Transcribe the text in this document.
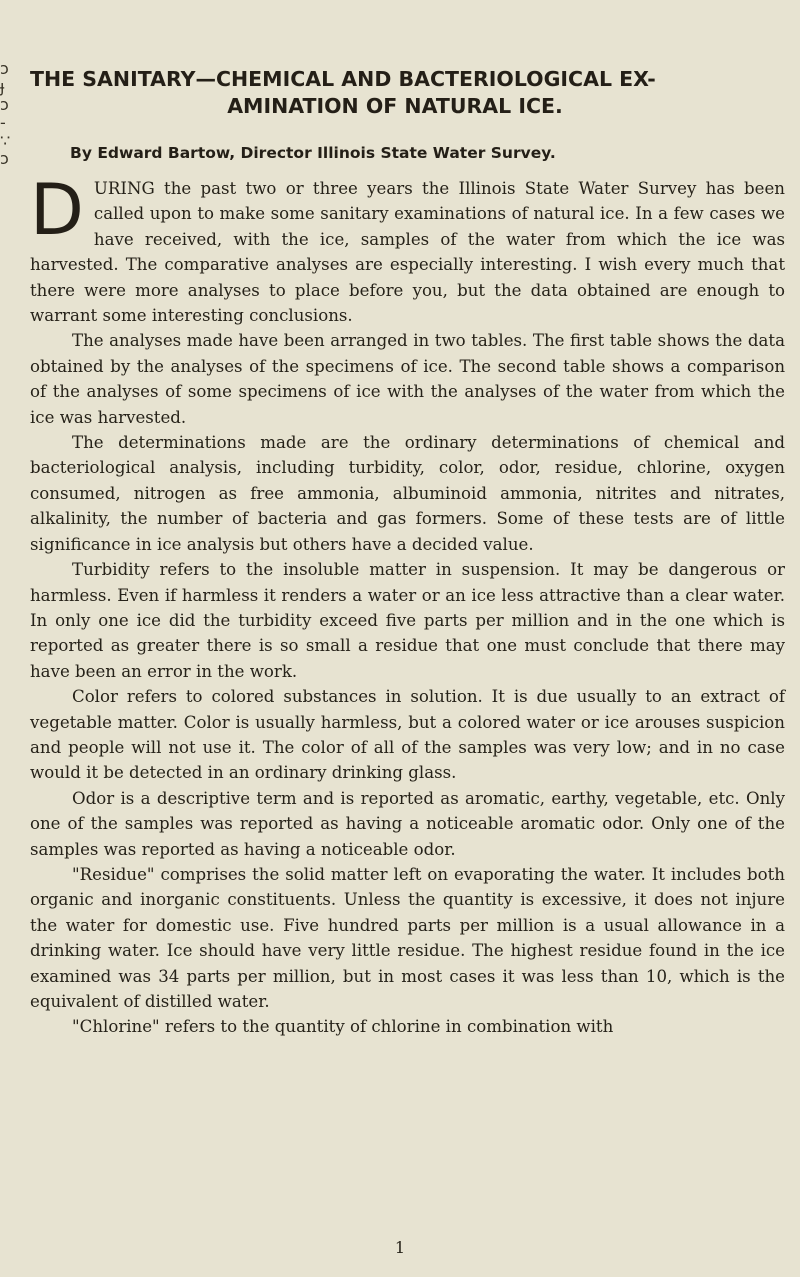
ɔ
ɟ
ɔ
-
∵
ɔ
THE SANITARY—CHEMICAL AND BACTERIOLOGICAL EX-
AMINATION OF NATURAL ICE.
By Edward Bartow, Director Illinois State Water Survey.

DURING the past two or three years the Illinois State Water Survey has been called upon to make some sanitary examinations of natural ice. In a few cases we have received, with the ice, samples of the water from which the ice was harvested. The comparative analyses are especially interesting. I wish every much that there were more analyses to place before you, but the data obtained are enough to warrant some interesting conclusions.

The analyses made have been arranged in two tables. The first table shows the data obtained by the analyses of the specimens of ice. The second table shows a comparison of the analyses of some specimens of ice with the analyses of the water from which the ice was harvested.

The determinations made are the ordinary determinations of chemical and bacteriological analysis, including turbidity, color, odor, residue, chlorine, oxygen consumed, nitrogen as free ammonia, albuminoid ammonia, nitrites and nitrates, alkalinity, the number of bacteria and gas formers. Some of these tests are of little significance in ice analysis but others have a decided value.

Turbidity refers to the insoluble matter in suspension. It may be dangerous or harmless. Even if harmless it renders a water or an ice less attractive than a clear water. In only one ice did the turbidity exceed five parts per million and in the one which is reported as greater there is so small a residue that one must conclude that there may have been an error in the work.

Color refers to colored substances in solution. It is due usually to an extract of vegetable matter. Color is usually harmless, but a colored water or ice arouses suspicion and people will not use it. The color of all of the samples was very low; and in no case would it be detected in an ordinary drinking glass.

Odor is a descriptive term and is reported as aromatic, earthy, vegetable, etc. Only one of the samples was reported as having a noticeable aromatic odor. Only one of the samples was reported as having a noticeable odor.

"Residue" comprises the solid matter left on evaporating the water. It includes both organic and inorganic constituents. Unless the quantity is excessive, it does not injure the water for domestic use. Five hundred parts per million is a usual allowance in a drinking water. Ice should have very little residue. The highest residue found in the ice examined was 34 parts per million, but in most cases it was less than 10, which is the equivalent of distilled water.

"Chlorine" refers to the quantity of chlorine in combination with

1
